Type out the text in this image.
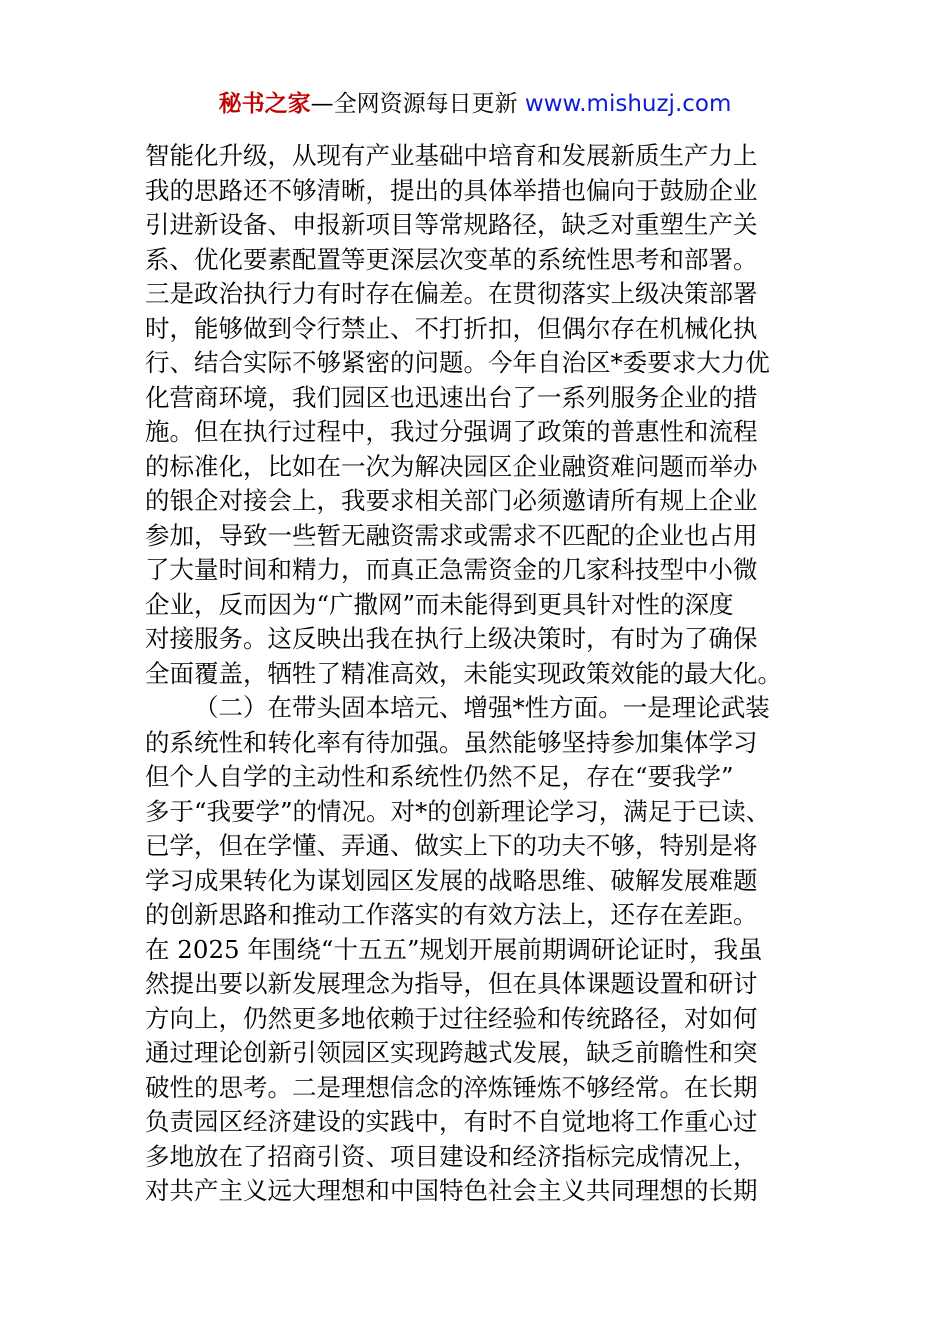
秘书之家—全网资源每日更新 www.mishuzj.com
智能化升级，从现有产业基础中培育和发展新质生产力上
我的思路还不够清晰，提出的具体举措也偏向于鼓励企业
引进新设备、申报新项目等常规路径，缺乏对重塑生产关
系、优化要素配置等更深层次变革的系统性思考和部署。
三是政治执行力有时存在偏差。在贯彻落实上级决策部署
时，能够做到令行禁止、不打折扣，但偶尔存在机械化执
行、结合实际不够紧密的问题。今年自治区*委要求大力优
化营商环境，我们园区也迅速出台了一系列服务企业的措
施。但在执行过程中，我过分强调了政策的普惠性和流程
的标准化，比如在一次为解决园区企业融资难问题而举办
的银企对接会上，我要求相关部门必须邀请所有规上企业
参加，导致一些暂无融资需求或需求不匹配的企业也占用
了大量时间和精力，而真正急需资金的几家科技型中小微
企业，反而因为“广撒网”而未能得到更具针对性的深度
对接服务。这反映出我在执行上级决策时，有时为了确保
全面覆盖，牺牲了精准高效，未能实现政策效能的最大化。
（二）在带头固本培元、增强*性方面。一是理论武装
的系统性和转化率有待加强。虽然能够坚持参加集体学习
但个人自学的主动性和系统性仍然不足，存在“要我学”
多于“我要学”的情况。对*的创新理论学习，满足于已读、
已学，但在学懂、弄通、做实上下的功夫不够，特别是将
学习成果转化为谋划园区发展的战略思维、破解发展难题
的创新思路和推动工作落实的有效方法上，还存在差距。
在 2025 年围绕“十五五”规划开展前期调研论证时，我虽
然提出要以新发展理念为指导，但在具体课题设置和研讨
方向上，仍然更多地依赖于过往经验和传统路径，对如何
通过理论创新引领园区实现跨越式发展，缺乏前瞻性和突
破性的思考。二是理想信念的淬炼锤炼不够经常。在长期
负责园区经济建设的实践中，有时不自觉地将工作重心过
多地放在了招商引资、项目建设和经济指标完成情况上，
对共产主义远大理想和中国特色社会主义共同理想的长期
